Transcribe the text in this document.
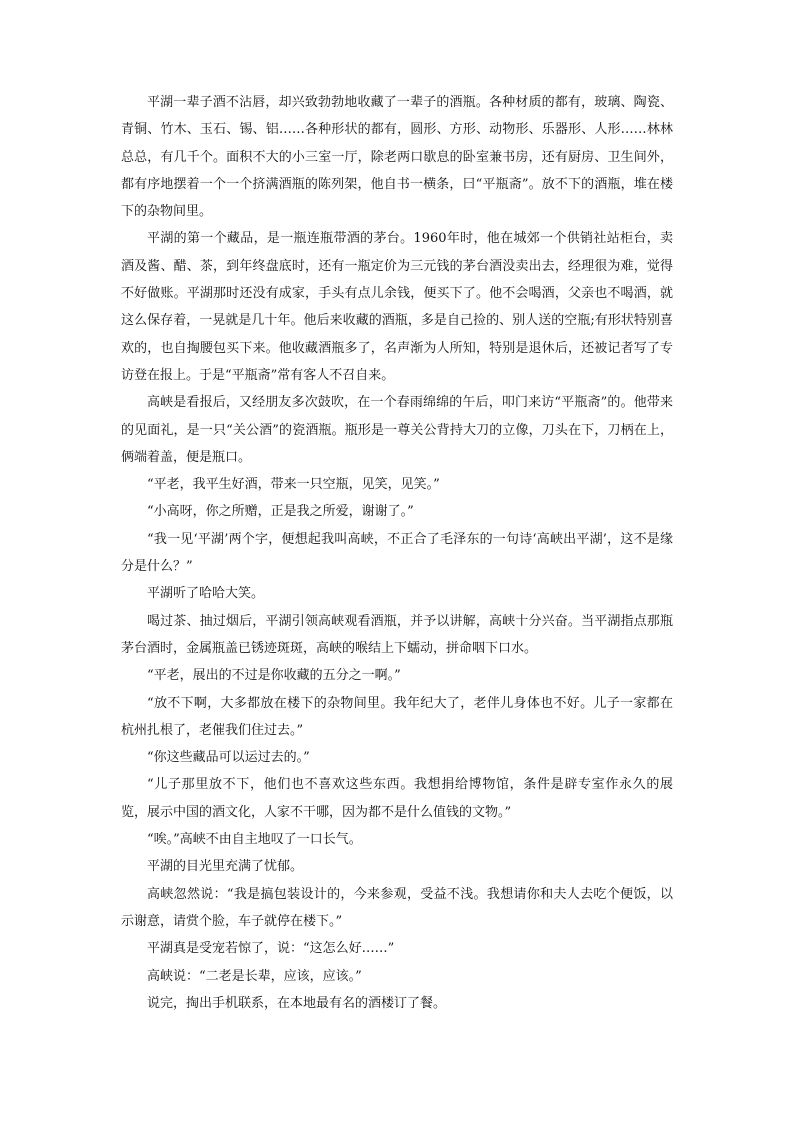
平湖一辈子酒不沾唇，却兴致勃勃地收藏了一辈子的酒瓶。各种材质的都有，玻璃、陶瓷、青铜、竹木、玉石、锡、铝……各种形状的都有，圆形、方形、动物形、乐器形、人形……林林总总，有几千个。面积不大的小三室一厅，除老两口歇息的卧室兼书房，还有厨房、卫生间外，都有序地摆着一个一个挤满酒瓶的陈列架，他自书一横条，曰“平瓶斋”。放不下的酒瓶，堆在楼下的杂物间里。

平湖的第一个藏品，是一瓶连瓶带酒的茅台。1960年时，他在城郊一个供销社站柜台，卖酒及酱、醋、茶，到年终盘底时，还有一瓶定价为三元钱的茅台酒没卖出去，经理很为难，觉得不好做账。平湖那时还没有成家，手头有点儿余钱，便买下了。他不会喝酒，父亲也不喝酒，就这么保存着，一晃就是几十年。他后来收藏的酒瓶，多是自己捡的、别人送的空瓶;有形状特别喜欢的，也自掏腰包买下来。他收藏酒瓶多了，名声渐为人所知，特别是退休后，还被记者写了专访登在报上。于是“平瓶斋”常有客人不召自来。

高峡是看报后，又经朋友多次鼓吹，在一个春雨绵绵的午后，叩门来访“平瓶斋”的。他带来的见面礼，是一只“关公酒”的瓷酒瓶。瓶形是一尊关公背持大刀的立像，刀头在下，刀柄在上，俩端着盖，便是瓶口。

“平老，我平生好酒，带来一只空瓶，见笑，见笑。”

“小高呀，你之所赠，正是我之所爱，谢谢了。”

“我一见‘平湖’两个字，便想起我叫高峡，不正合了毛泽东的一句诗‘高峡出平湖’，这不是缘分是什么？”

平湖听了哈哈大笑。

喝过茶、抽过烟后，平湖引领高峡观看酒瓶，并予以讲解，高峡十分兴奋。当平湖指点那瓶茅台酒时，金属瓶盖已锈迹斑斑，高峡的喉结上下蠕动，拼命咽下口水。

“平老，展出的不过是你收藏的五分之一啊。”

“放不下啊，大多都放在楼下的杂物间里。我年纪大了，老伴儿身体也不好。儿子一家都在杭州扎根了，老催我们住过去。”

“你这些藏品可以运过去的。”

“儿子那里放不下，他们也不喜欢这些东西。我想捐给博物馆，条件是辟专室作永久的展览，展示中国的酒文化，人家不干哪，因为都不是什么值钱的文物。”

“唉。”高峡不由自主地叹了一口长气。

平湖的目光里充满了忧郁。

高峡忽然说：“我是搞包装设计的，今来参观，受益不浅。我想请你和夫人去吃个便饭，以示谢意，请赏个脸，车子就停在楼下。”

平湖真是受宠若惊了，说：“这怎么好……”

高峡说：“二老是长辈，应该，应该。”

说完，掏出手机联系，在本地最有名的酒楼订了餐。
